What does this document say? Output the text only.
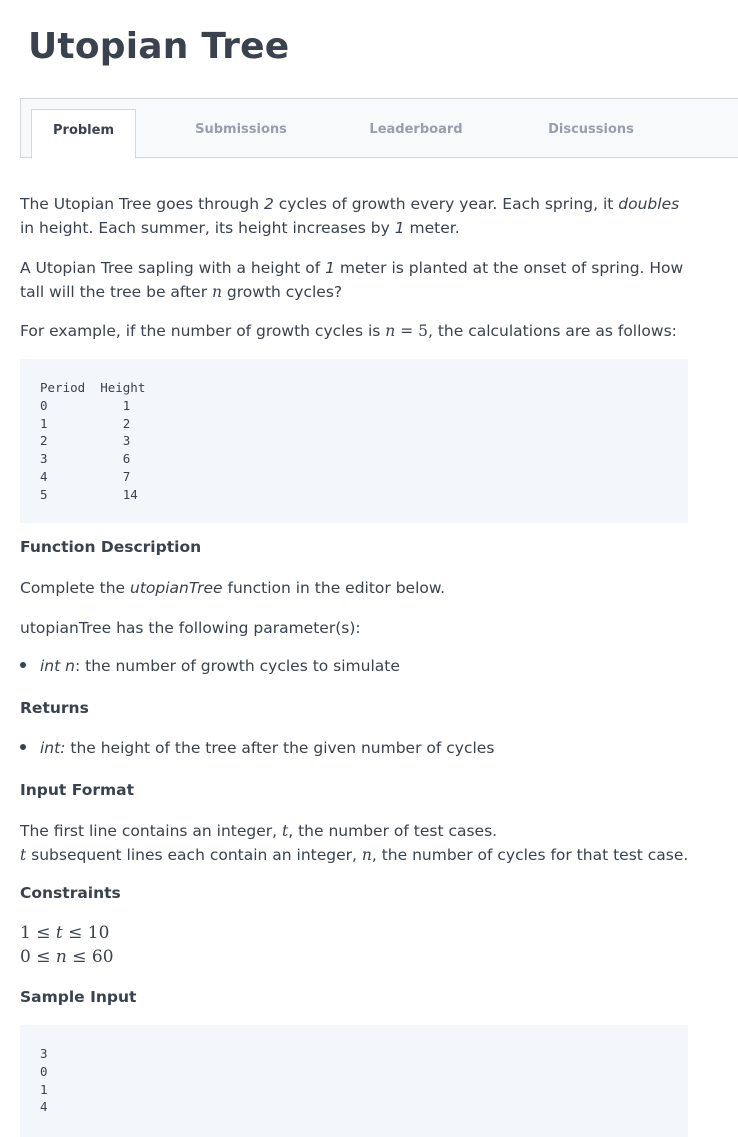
Utopian Tree
Problem	Submissions	Leaderboard	Discussions

The Utopian Tree goes through 2 cycles of growth every year. Each spring, it doubles in height. Each summer, its height increases by 1 meter.

A Utopian Tree sapling with a height of 1 meter is planted at the onset of spring. How tall will the tree be after n growth cycles?

For example, if the number of growth cycles is n = 5, the calculations are as follows:

Period  Height
0          1
1          2
2          3
3          6
4          7
5          14
Function Description

Complete the utopianTree function in the editor below.

utopianTree has the following parameter(s):

int n: the number of growth cycles to simulate
Returns
int: the height of the tree after the given number of cycles
Input Format

The first line contains an integer, t, the number of test cases.

t subsequent lines each contain an integer, n, the number of cycles for that test case.

Constraints
1 ≤ t ≤ 10
0 ≤ n ≤ 60
Sample Input
3
0
1
4
